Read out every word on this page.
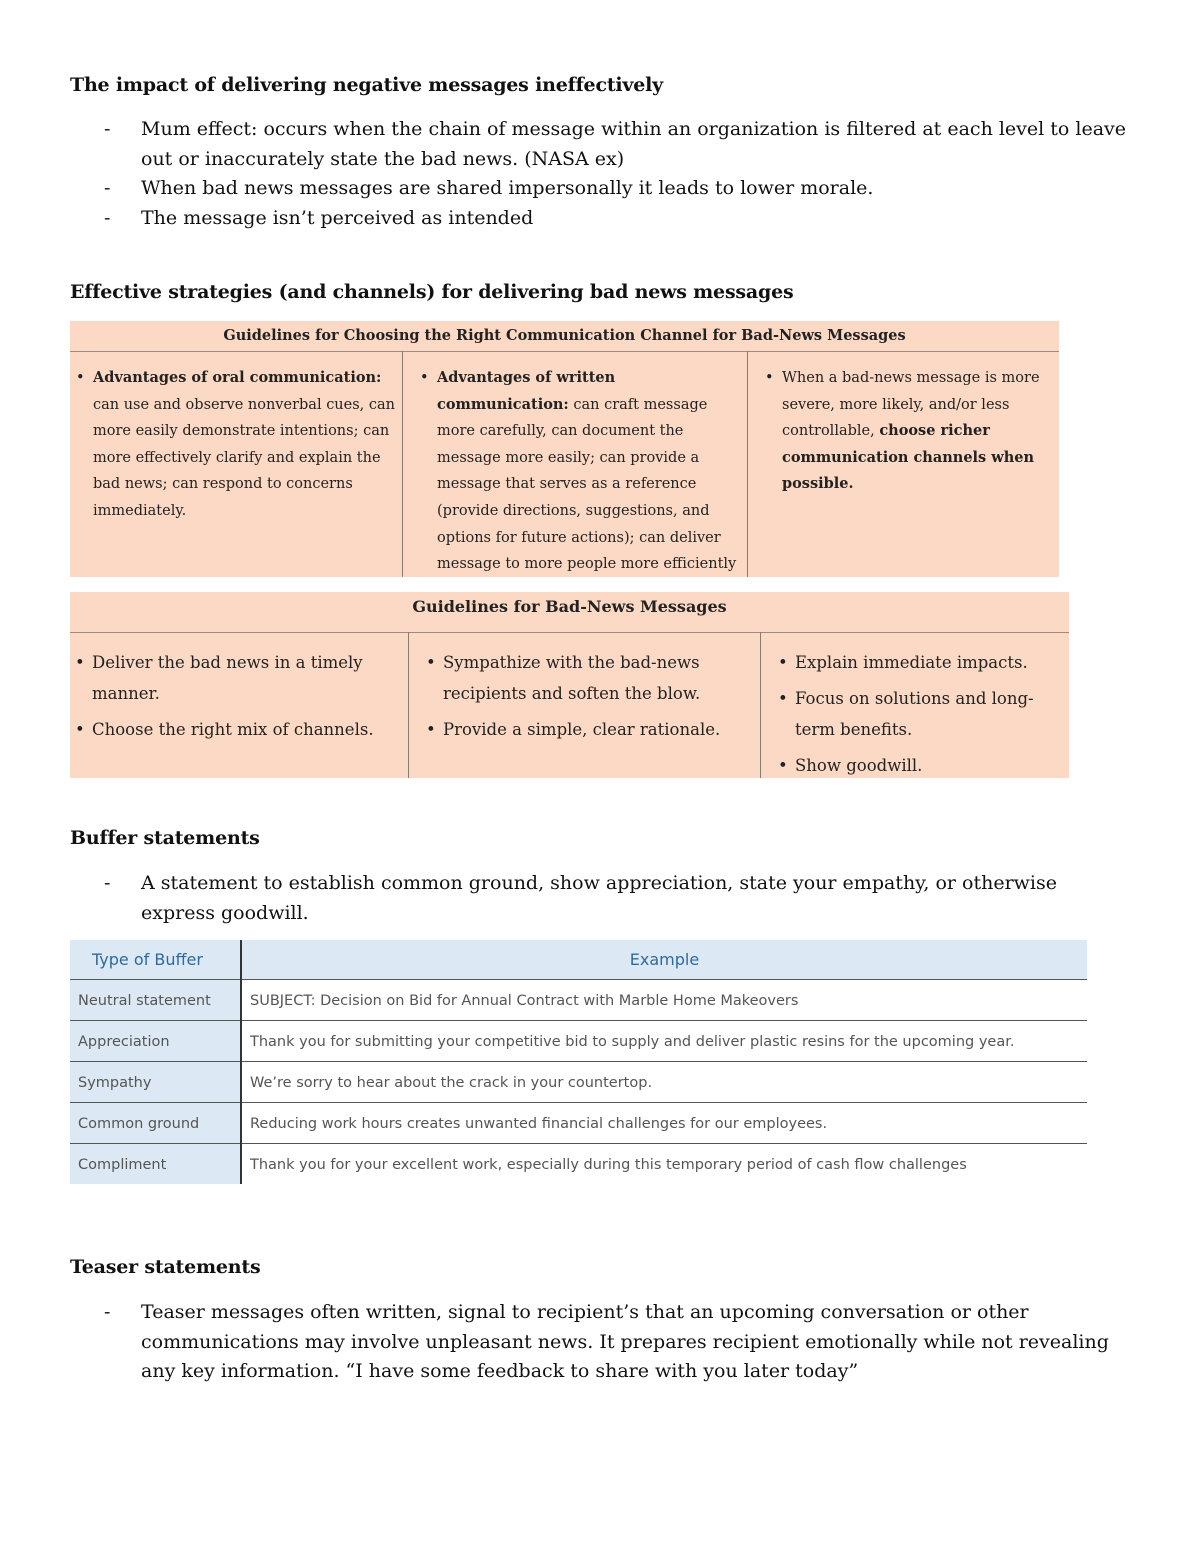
The impact of delivering negative messages ineffectively
- Mum effect: occurs when the chain of message within an organization is filtered at each level to leave out or inaccurately state the bad news. (NASA ex)
- When bad news messages are shared impersonally it leads to lower morale.
- The message isn’t perceived as intended
Effective strategies (and channels) for delivering bad news messages
Guidelines for Choosing the Right Communication Channel for Bad-News Messages
• Advantages of oral communication: can use and observe nonverbal cues, can more easily demonstrate intentions; can more effectively clarify and explain the bad news; can respond to concerns immediately.
• Advantages of written communication: can craft message more carefully, can document the message more easily; can provide a message that serves as a reference (provide directions, suggestions, and options for future actions); can deliver message to more people more efficiently
• When a bad-news message is more severe, more likely, and/or less controllable, choose richer communication channels when possible.
Guidelines for Bad-News Messages
• Deliver the bad news in a timely manner.
• Choose the right mix of channels.
• Sympathize with the bad-news recipients and soften the blow.
• Provide a simple, clear rationale.
• Explain immediate impacts.
• Focus on solutions and long-term benefits.
• Show goodwill.
Buffer statements
- A statement to establish common ground, show appreciation, state your empathy, or otherwise express goodwill.
Type of Buffer	Example
Neutral statement	SUBJECT: Decision on Bid for Annual Contract with Marble Home Makeovers
Appreciation	Thank you for submitting your competitive bid to supply and deliver plastic resins for the upcoming year.
Sympathy	We’re sorry to hear about the crack in your countertop.
Common ground	Reducing work hours creates unwanted financial challenges for our employees.
Compliment	Thank you for your excellent work, especially during this temporary period of cash flow challenges
Teaser statements
- Teaser messages often written, signal to recipient’s that an upcoming conversation or other communications may involve unpleasant news. It prepares recipient emotionally while not revealing any key information. “I have some feedback to share with you later today”
